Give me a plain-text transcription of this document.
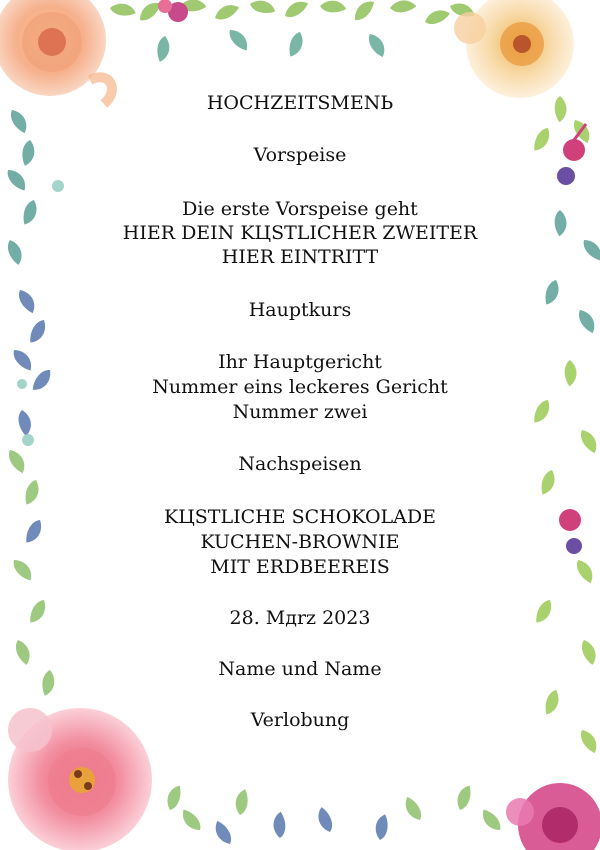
HOCHZEITSMENЬ
Vorspeise
Die erste Vorspeise geht
HIER DEIN KЦSTLICHER ZWEITER
HIER EINTRITT
Hauptkurs
Ihr Hauptgericht
Nummer eins leckeres Gericht
Nummer zwei
Nachspeisen
KЦSTLICHE SCHOKOLADE
KUCHEN-BROWNIE
MIT ERDBEEREIS
28. Mдrz 2023
Name und Name
Verlobung
